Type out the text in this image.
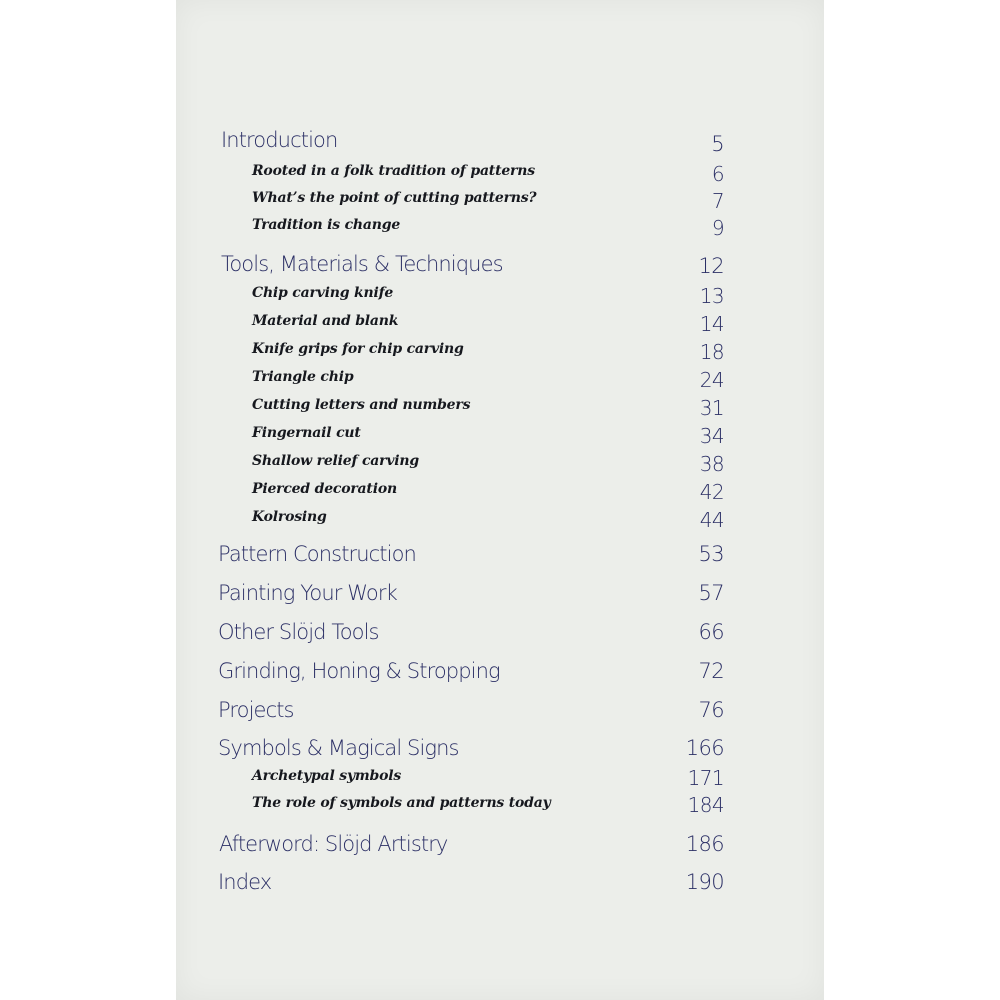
Introduction	5
Rooted in a folk tradition of patterns	6
What’s the point of cutting patterns?	7
Tradition is change	9
Tools, Materials & Techniques	12
Chip carving knife	13
Material and blank	14
Knife grips for chip carving	18
Triangle chip	24
Cutting letters and numbers	31
Fingernail cut	34
Shallow relief carving	38
Pierced decoration	42
Kolrosing	44
Pattern Construction	53
Painting Your Work	57
Other Slöjd Tools	66
Grinding, Honing & Stropping	72
Projects	76
Symbols & Magical Signs	166
Archetypal symbols	171
The role of symbols and patterns today	184
Afterword: Slöjd Artistry	186
Index	190
